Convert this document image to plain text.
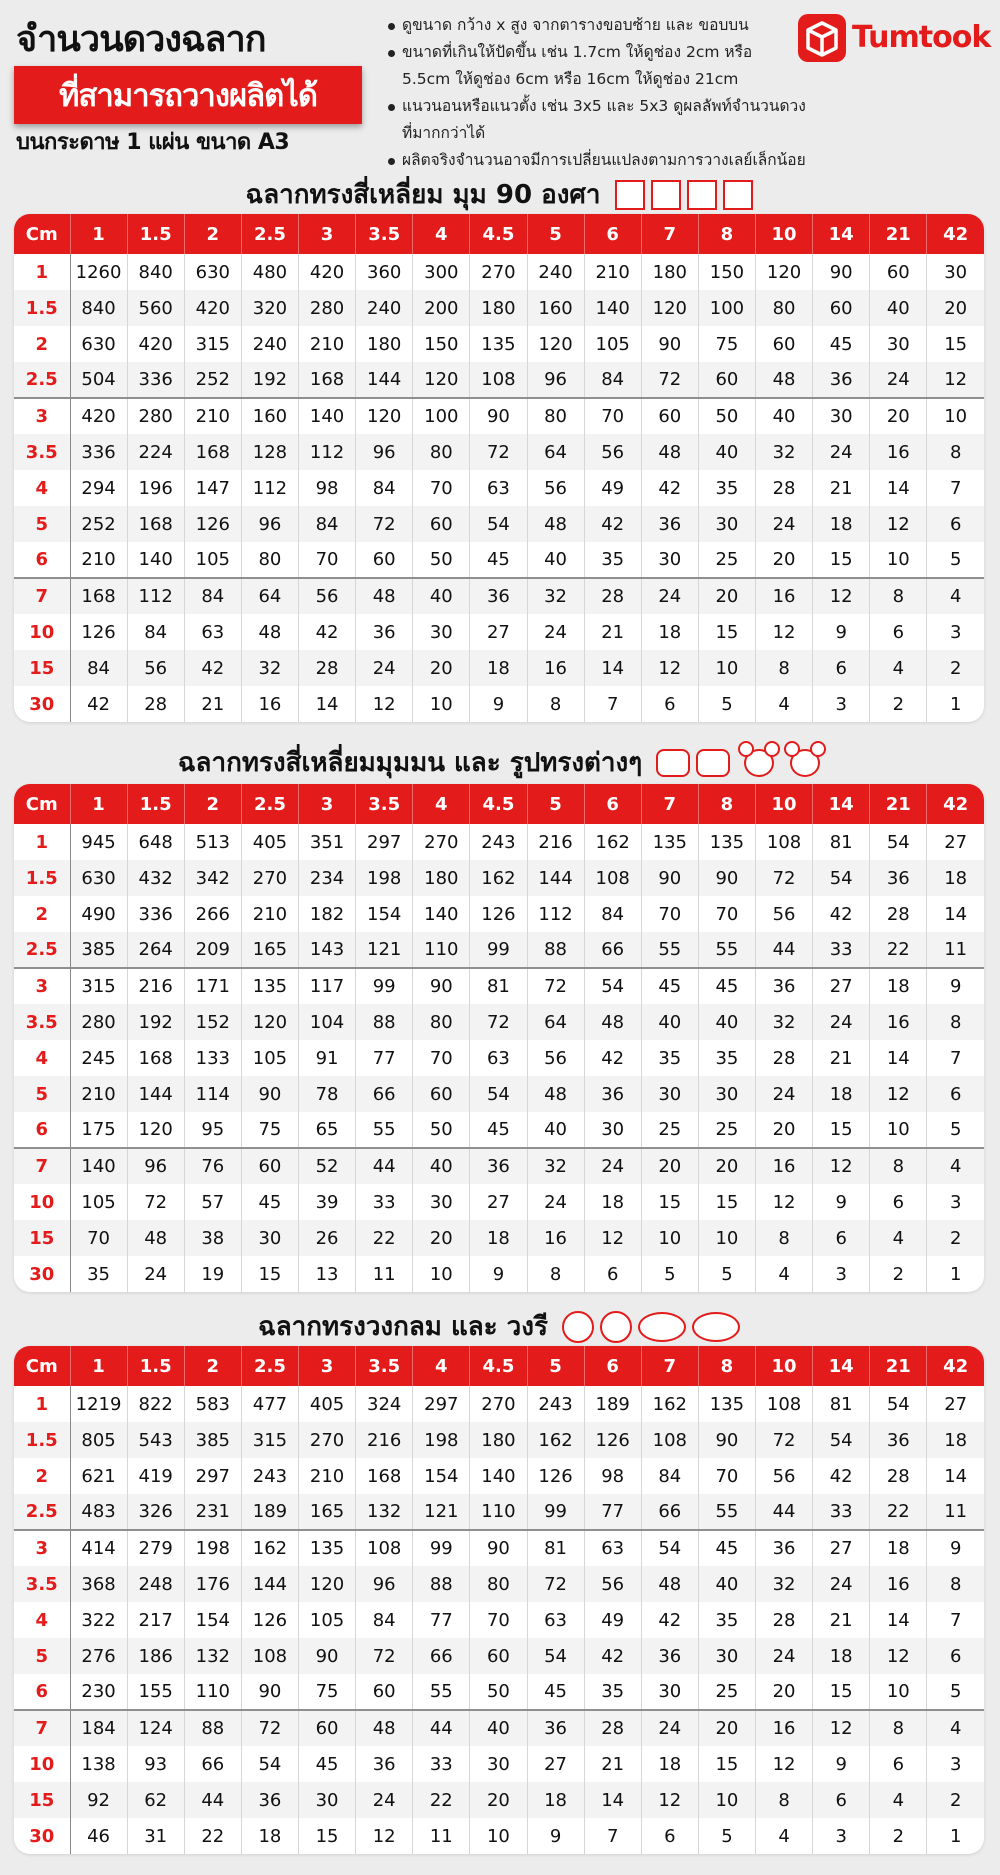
จำนวนดวงฉลาก
ที่สามารถวางผลิตได้
บนกระดาษ 1 แผ่น ขนาด A3
ดูขนาด กว้าง x สูง จากตารางขอบซ้าย และ ขอบบน
ขนาดที่เกินให้ปัดขึ้น เช่น 1.7cm ให้ดูช่อง 2cm หรือ
5.5cm ให้ดูช่อง 6cm หรือ 16cm ให้ดูช่อง 21cm
แนวนอนหรือแนวตั้ง เช่น 3x5 และ 5x3 ดูผลลัพท์จำนวนดวงที่มากกว่าได้
ผลิตจริงจำนวนอาจมีการเปลี่ยนแปลงตามการวางเลย์เล็กน้อย
Tumtook
ฉลากทรงสี่เหลี่ยม มุม 90 องศา
Cm	1	1.5	2	2.5	3	3.5	4	4.5	5	6	7	8	10	14	21	42
1	1260	840	630	480	420	360	300	270	240	210	180	150	120	90	60	30
1.5	840	560	420	320	280	240	200	180	160	140	120	100	80	60	40	20
2	630	420	315	240	210	180	150	135	120	105	90	75	60	45	30	15
2.5	504	336	252	192	168	144	120	108	96	84	72	60	48	36	24	12
3	420	280	210	160	140	120	100	90	80	70	60	50	40	30	20	10
3.5	336	224	168	128	112	96	80	72	64	56	48	40	32	24	16	8
4	294	196	147	112	98	84	70	63	56	49	42	35	28	21	14	7
5	252	168	126	96	84	72	60	54	48	42	36	30	24	18	12	6
6	210	140	105	80	70	60	50	45	40	35	30	25	20	15	10	5
7	168	112	84	64	56	48	40	36	32	28	24	20	16	12	8	4
10	126	84	63	48	42	36	30	27	24	21	18	15	12	9	6	3
15	84	56	42	32	28	24	20	18	16	14	12	10	8	6	4	2
30	42	28	21	16	14	12	10	9	8	7	6	5	4	3	2	1
ฉลากทรงสี่เหลี่ยมมุมมน และ รูปทรงต่างๆ
Cm	1	1.5	2	2.5	3	3.5	4	4.5	5	6	7	8	10	14	21	42
1	945	648	513	405	351	297	270	243	216	162	135	135	108	81	54	27
1.5	630	432	342	270	234	198	180	162	144	108	90	90	72	54	36	18
2	490	336	266	210	182	154	140	126	112	84	70	70	56	42	28	14
2.5	385	264	209	165	143	121	110	99	88	66	55	55	44	33	22	11
3	315	216	171	135	117	99	90	81	72	54	45	45	36	27	18	9
3.5	280	192	152	120	104	88	80	72	64	48	40	40	32	24	16	8
4	245	168	133	105	91	77	70	63	56	42	35	35	28	21	14	7
5	210	144	114	90	78	66	60	54	48	36	30	30	24	18	12	6
6	175	120	95	75	65	55	50	45	40	30	25	25	20	15	10	5
7	140	96	76	60	52	44	40	36	32	24	20	20	16	12	8	4
10	105	72	57	45	39	33	30	27	24	18	15	15	12	9	6	3
15	70	48	38	30	26	22	20	18	16	12	10	10	8	6	4	2
30	35	24	19	15	13	11	10	9	8	6	5	5	4	3	2	1
ฉลากทรงวงกลม และ วงรี
Cm	1	1.5	2	2.5	3	3.5	4	4.5	5	6	7	8	10	14	21	42
1	1219	822	583	477	405	324	297	270	243	189	162	135	108	81	54	27
1.5	805	543	385	315	270	216	198	180	162	126	108	90	72	54	36	18
2	621	419	297	243	210	168	154	140	126	98	84	70	56	42	28	14
2.5	483	326	231	189	165	132	121	110	99	77	66	55	44	33	22	11
3	414	279	198	162	135	108	99	90	81	63	54	45	36	27	18	9
3.5	368	248	176	144	120	96	88	80	72	56	48	40	32	24	16	8
4	322	217	154	126	105	84	77	70	63	49	42	35	28	21	14	7
5	276	186	132	108	90	72	66	60	54	42	36	30	24	18	12	6
6	230	155	110	90	75	60	55	50	45	35	30	25	20	15	10	5
7	184	124	88	72	60	48	44	40	36	28	24	20	16	12	8	4
10	138	93	66	54	45	36	33	30	27	21	18	15	12	9	6	3
15	92	62	44	36	30	24	22	20	18	14	12	10	8	6	4	2
30	46	31	22	18	15	12	11	10	9	7	6	5	4	3	2	1
